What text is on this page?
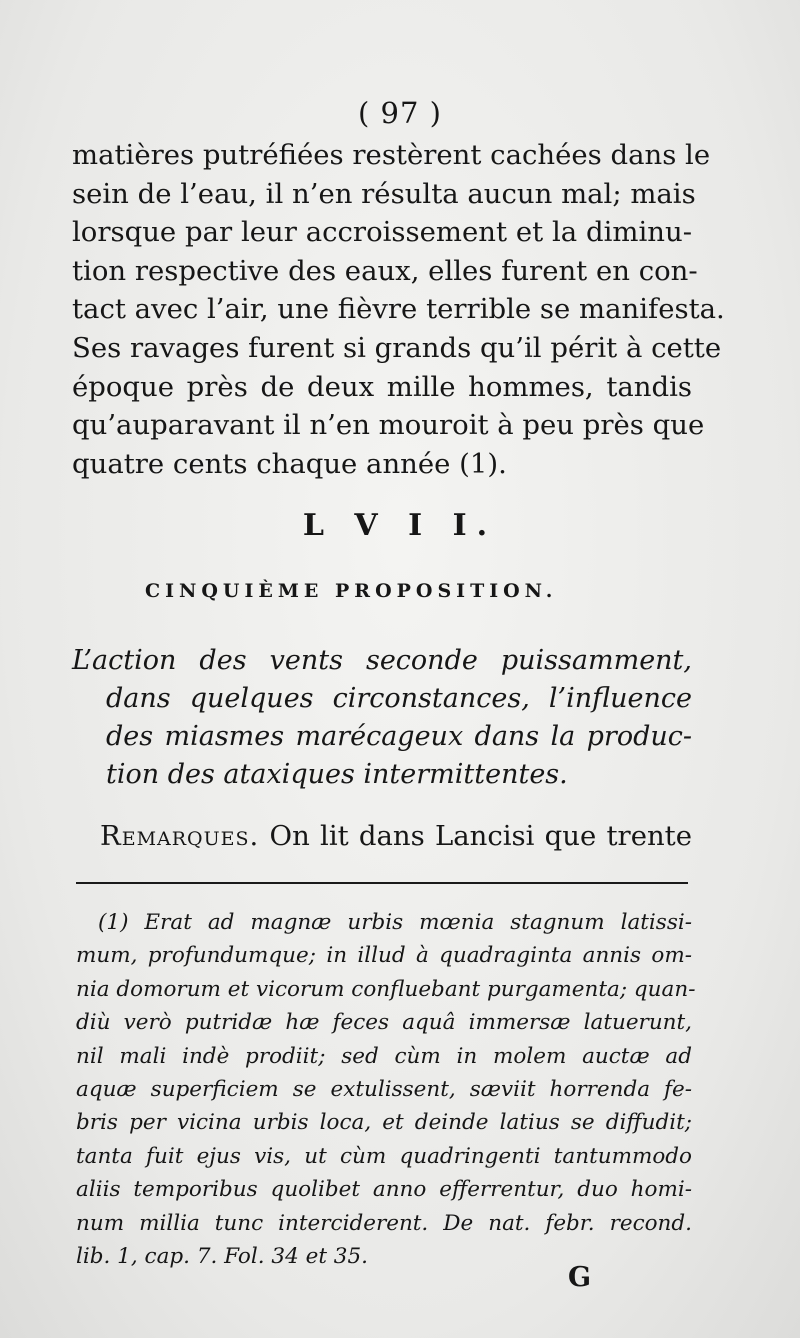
( 97 )
matières putréfiées restèrent cachées dans le
sein de l’eau, il n’en résulta aucun mal; mais
lorsque par leur accroissement et la diminu-
tion respective des eaux, elles furent en con-
tact avec l’air, une fièvre terrible se manifesta.
Ses ravages furent si grands qu’il périt à cette
époque près de deux mille hommes, tandis
qu’auparavant il n’en mouroit à peu près que
quatre cents chaque année (1).
L V I I.
CINQUIÈME PROPOSITION.
L’action des vents seconde puissamment,
dans quelques circonstances, l’influence
des miasmes marécageux dans la produc-
tion des ataxiques intermittentes.
Remarques. On lit dans Lancisi que trente
(1) Erat ad magnæ urbis mœnia stagnum latissi-
mum, profundumque; in illud à quadraginta annis om-
nia domorum et vicorum confluebant purgamenta; quan-
diù verò putridæ hæ feces aquâ immersæ latuerunt,
nil mali indè prodiit; sed cùm in molem auctæ ad
aquæ superficiem se extulissent, sæviit horrenda fe-
bris per vicina urbis loca, et deinde latius se diffudit;
tanta fuit ejus vis, ut cùm quadringenti tantummodo
aliis temporibus quolibet anno efferrentur, duo homi-
num millia tunc interciderent. De nat. febr. recond.
lib. 1, cap. 7. Fol. 34 et 35.
G
